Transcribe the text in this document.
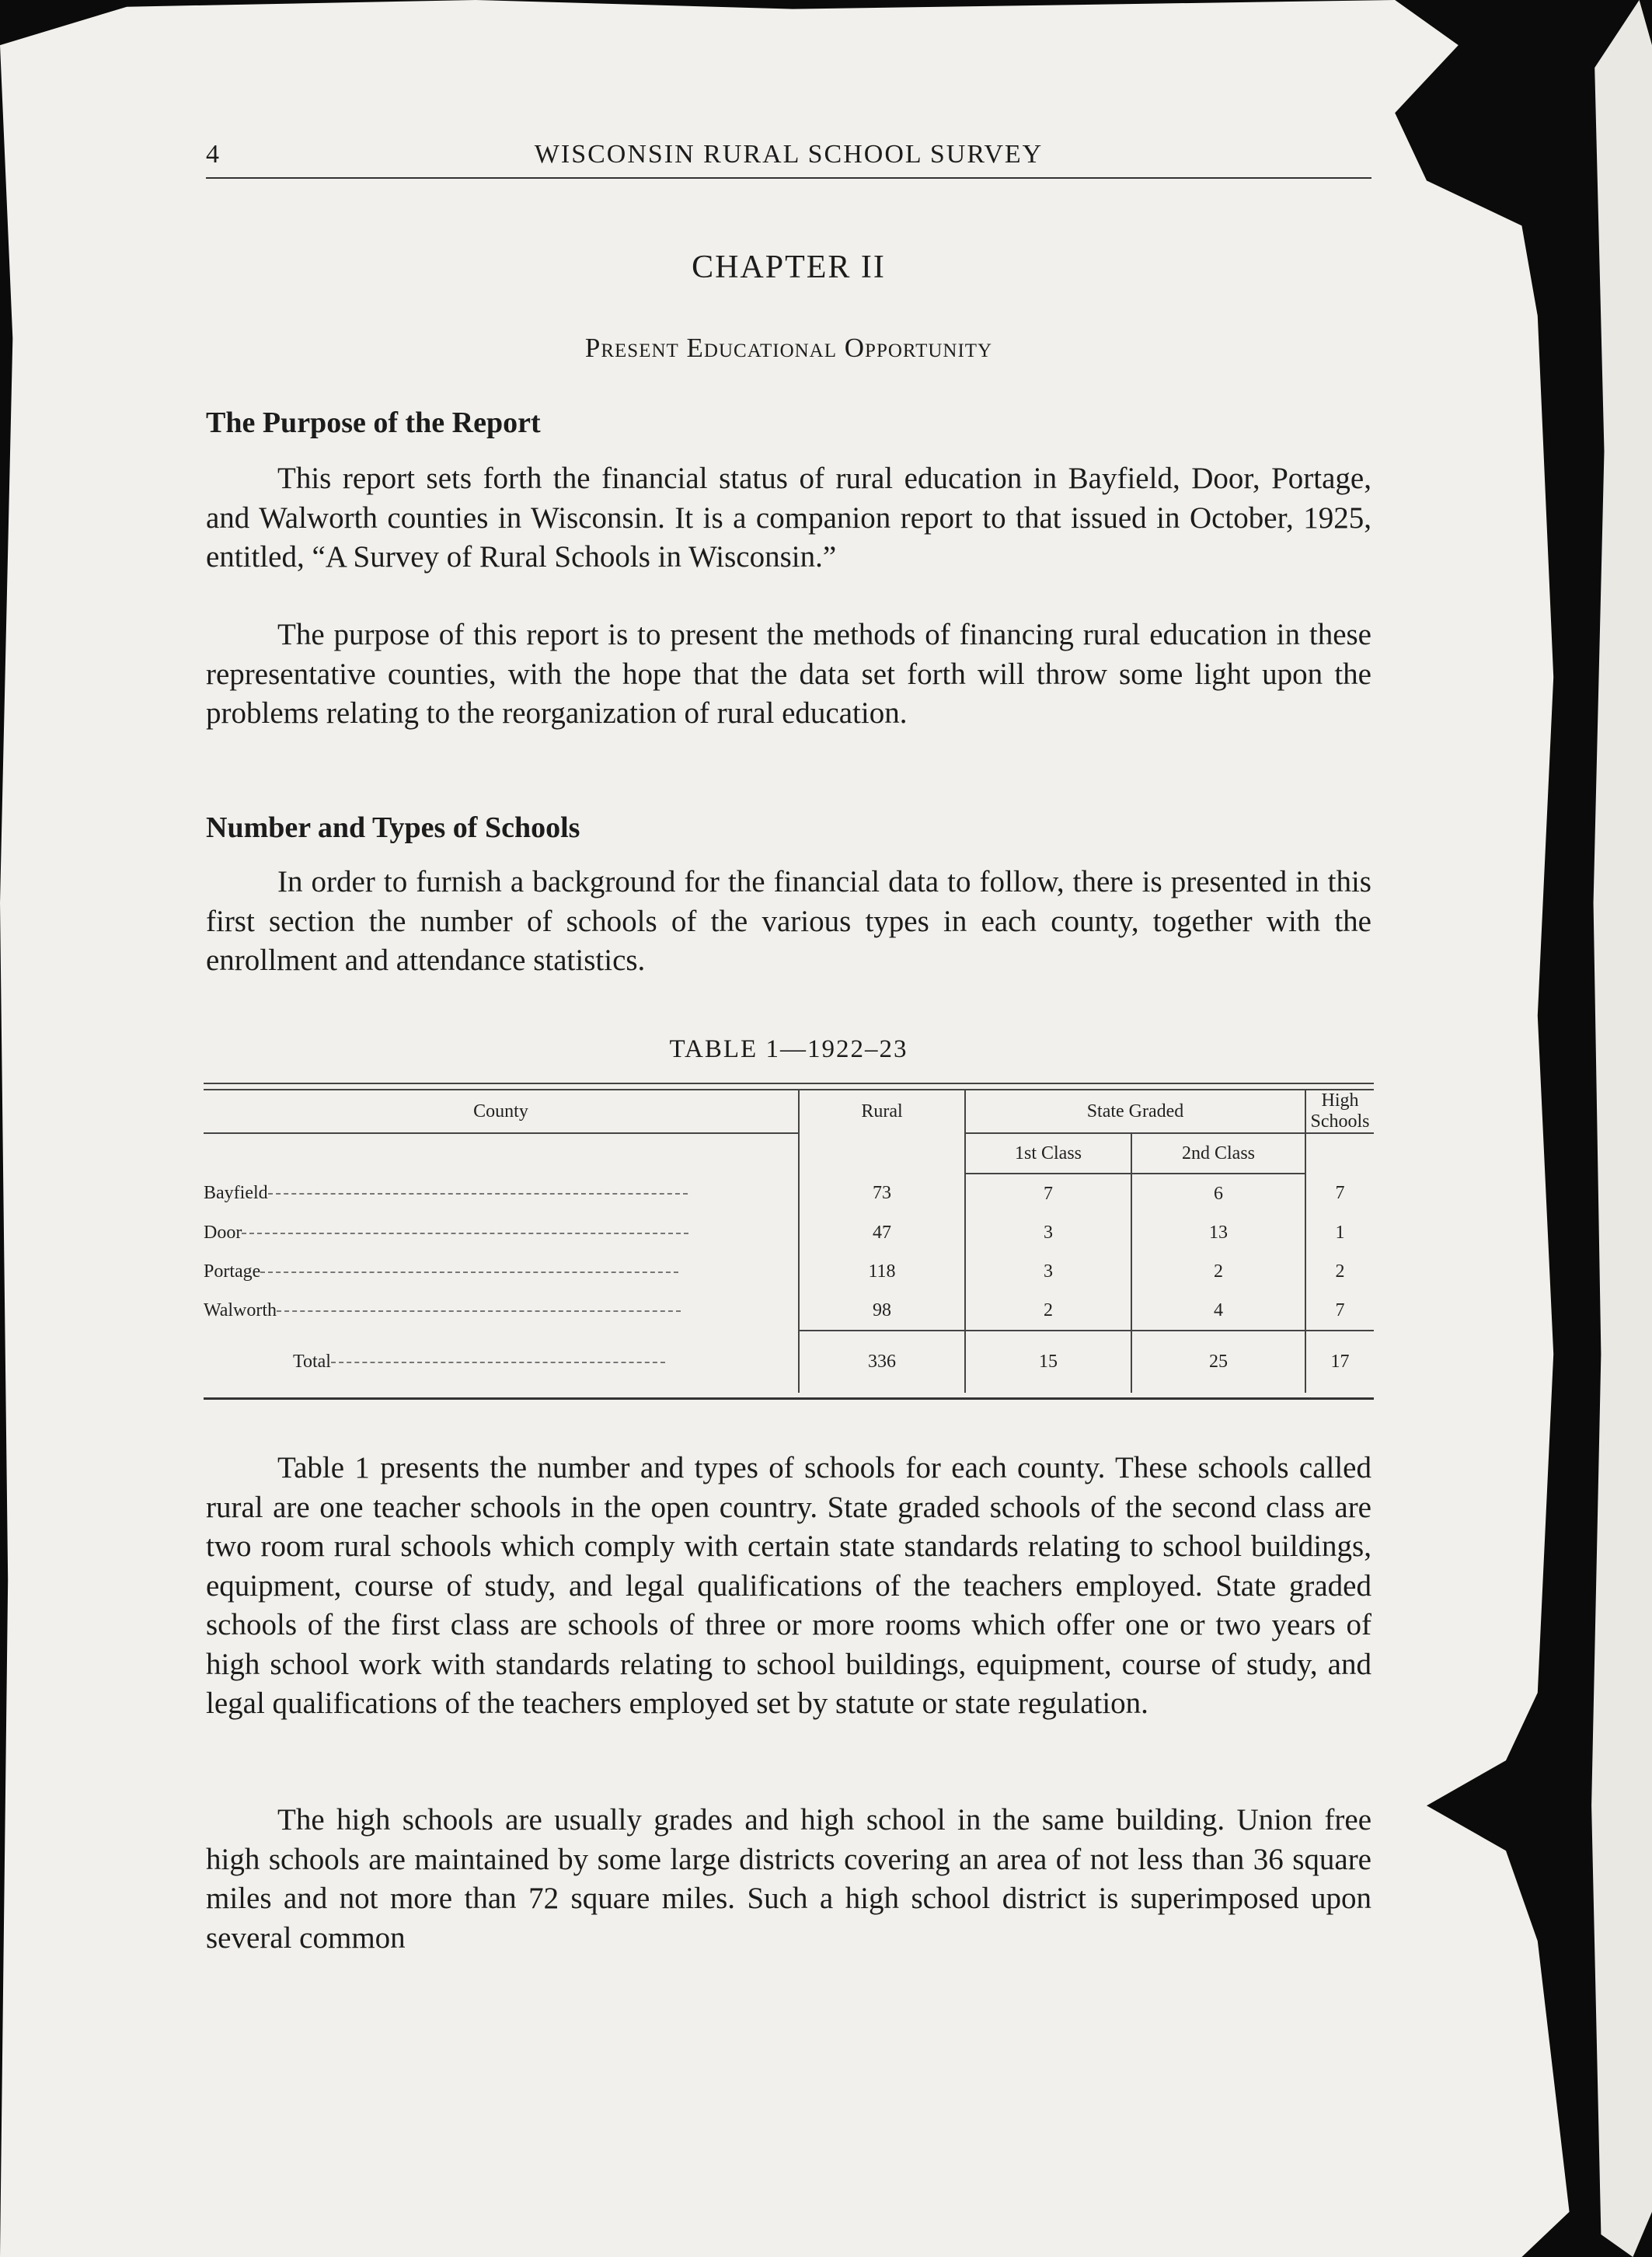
4	WISCONSIN RURAL SCHOOL SURVEY
CHAPTER II
Present Educational Opportunity
The Purpose of the Report

This report sets forth the financial status of rural education in Bayfield, Door, Portage, and Walworth counties in Wisconsin. It is a companion report to that issued in October, 1925, entitled, “A Survey of Rural Schools in Wisconsin.”

The purpose of this report is to present the methods of financing rural education in these representative counties, with the hope that the data set forth will throw some light upon the problems relating to the reorganization of rural education.

Number and Types of Schools

In order to furnish a background for the financial data to follow, there is presented in this first section the number of schools of the various types in each county, together with the enrollment and attendance statistics.

TABLE 1—1922–23
County	Rural	State Graded		High Schools
		1st Class	2nd Class	
Bayfield	73	7	6	7
Door	47	3	13	1
Portage	118	3	2	2
Walworth	98	2	4	7
Total	336	15	25	17

Table 1 presents the number and types of schools for each county. These schools called rural are one teacher schools in the open country. State graded schools of the second class are two room rural schools which comply with certain state standards relating to school buildings, equipment, course of study, and legal qualifications of the teachers employed. State graded schools of the first class are schools of three or more rooms which offer one or two years of high school work with standards relating to school buildings, equipment, course of study, and legal qualifications of the teachers employed set by statute or state regulation.

The high schools are usually grades and high school in the same building. Union free high schools are maintained by some large districts covering an area of not less than 36 square miles and not more than 72 square miles. Such a high school district is superimposed upon several common
